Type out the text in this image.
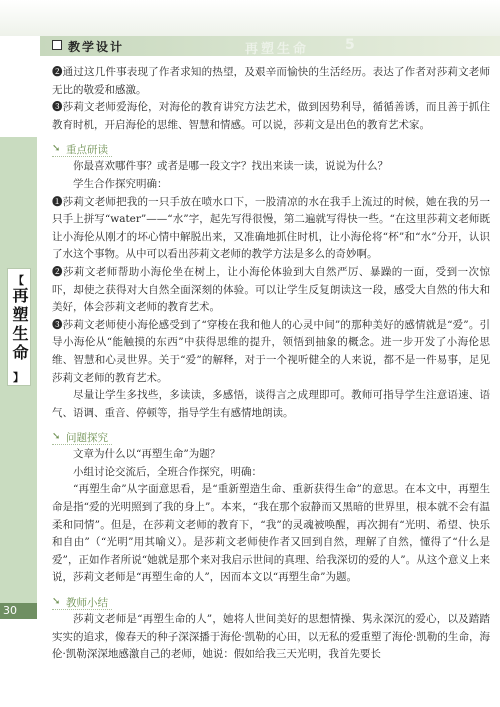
教学设计	再塑生命	5
【
再塑生命
】
30

❷通过这几件事表现了作者求知的热望，及艰辛而愉快的生活经历。表达了作者对莎莉文老师无比的敬爱和感激。

❸莎莉文老师爱海伦，对海伦的教育讲究方法艺术，做到因势利导，循循善诱，而且善于抓住教育时机，开启海伦的思维、智慧和情感。可以说，莎莉文是出色的教育艺术家。

➘ 重点研读

你最喜欢哪件事？或者是哪一段文字？找出来读一读，说说为什么？

学生合作探究明确：

❶莎莉文老师把我的一只手放在喷水口下，一股清凉的水在我手上流过的时候，她在我的另一只手上拼写“water”——“水”字，起先写得很慢，第二遍就写得快一些。“在这里莎莉文老师既让小海伦从刚才的坏心情中解脱出来，又准确地抓住时机，让小海伦将“杯”和“水”分开，认识了水这个事物。从中可以看出莎莉文老师的教学方法是多么的奇妙啊。

❷莎莉文老师帮助小海伦坐在树上，让小海伦体验到大自然严厉、暴躁的一面，受到一次惊吓，却使之获得对大自然全面深刻的体验。可以让学生反复朗读这一段，感受大自然的伟大和美好，体会莎莉文老师的教育艺术。

❸莎莉文老师使小海伦感受到了“穿梭在我和他人的心灵中间”的那种美好的感情就是“爱”。引导小海伦从“能触摸的东西”中获得思维的提升，领悟到抽象的概念。进一步开发了小海伦思维、智慧和心灵世界。关于“爱”的解释，对于一个视听健全的人来说，都不是一件易事，足见莎莉文老师的教育艺术。

尽量让学生多找些，多读读，多感悟，谈得言之成理即可。教师可指导学生注意语速、语气、语调、重音、停顿等，指导学生有感情地朗读。

➘ 问题探究

文章为什么以“再塑生命”为题？

小组讨论交流后，全班合作探究，明确：

“再塑生命”从字面意思看，是“重新塑造生命、重新获得生命”的意思。在本文中，再塑生命是指“爱的光明照到了我的身上”。本来，“我在那个寂静而又黑暗的世界里，根本就不会有温柔和同情”。但是，在莎莉文老师的教育下，“我”的灵魂被唤醒，再次拥有“光明、希望、快乐和自由”（“光明”用其喻义）。是莎莉文老师使作者又回到自然，理解了自然，懂得了“什么是爱”，正如作者所说“她就是那个来对我启示世间的真理、给我深切的爱的人”。从这个意义上来说，莎莉文老师是“再塑生命的人”，因而本文以“再塑生命”为题。

➘ 教师小结

莎莉文老师是“再塑生命的人”，她将人世间美好的思想情操、隽永深沉的爱心，以及踏踏实实的追求，像春天的种子深深播于海伦·凯勒的心田，以无私的爱重塑了海伦·凯勒的生命，海伦·凯勒深深地感激自己的老师，她说：假如给我三天光明，我首先要长
